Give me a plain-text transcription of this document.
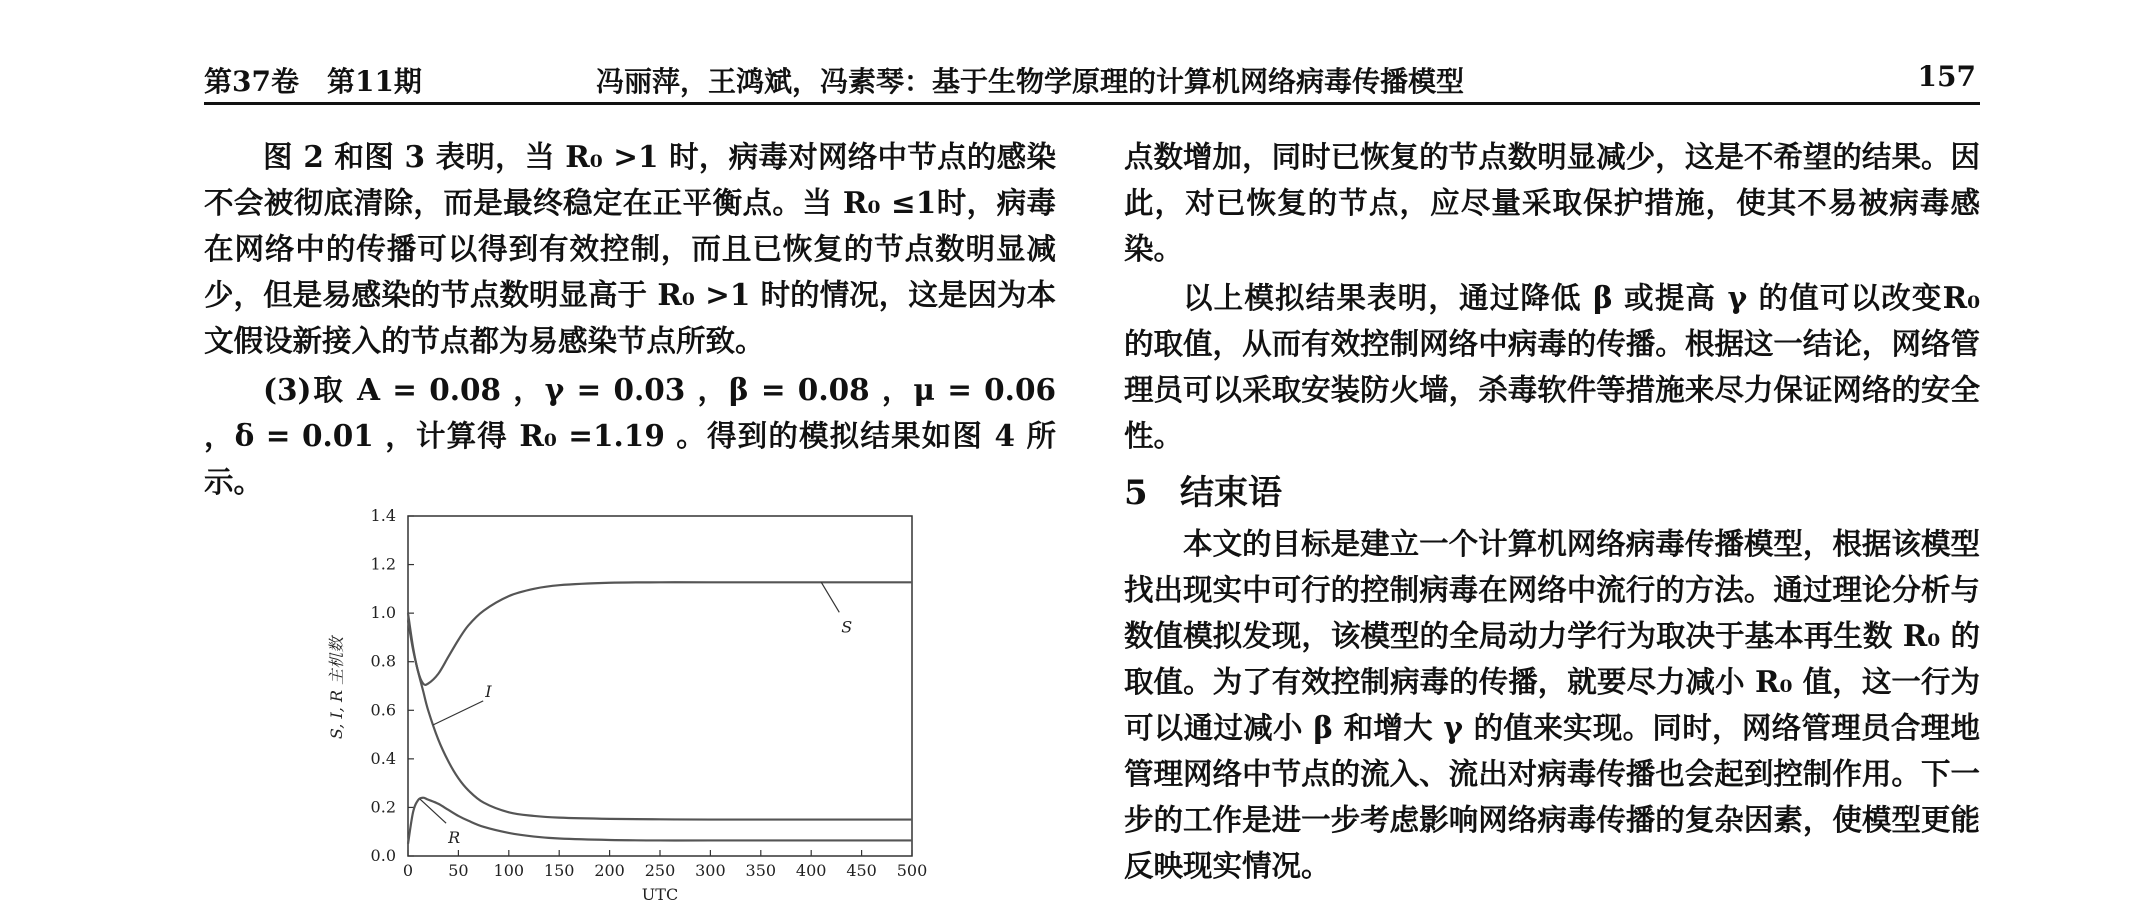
第37卷　第11期	冯丽萍，王鸿斌，冯素琴：基于生物学原理的计算机网络病毒传播模型	157

图 2 和图 3 表明，当 R₀ >1 时，病毒对网络中节点的感染不会被彻底清除，而是最终稳定在正平衡点。当 R₀ ≤1时，病毒在网络中的传播可以得到有效控制，而且已恢复的节点数明显减少，但是易感染的节点数明显高于 R₀ >1 时的情况，这是因为本文假设新接入的节点都为易感染节点所致。

(3)取 A = 0.08 ，γ = 0.03 ，β = 0.08 ，μ = 0.06 ，δ = 0.01 ，计算得 R₀ =1.19 。得到的模拟结果如图 4 所示。

0 50 100 150 200 250 300 350 400 450 500
0.0
0.2
0.4
0.6
0.8
1.0
1.2
1.4
S
I
R
S, I, R 主机数
UTC

点数增加，同时已恢复的节点数明显减少，这是不希望的结果。因此，对已恢复的节点，应尽量采取保护措施，使其不易被病毒感染。

以上模拟结果表明，通过降低 β 或提高 γ 的值可以改变R₀ 的取值，从而有效控制网络中病毒的传播。根据这一结论，网络管理员可以采取安装防火墙，杀毒软件等措施来尽力保证网络的安全性。

5 结束语

本文的目标是建立一个计算机网络病毒传播模型，根据该模型找出现实中可行的控制病毒在网络中流行的方法。通过理论分析与数值模拟发现，该模型的全局动力学行为取决于基本再生数 R₀ 的取值。为了有效控制病毒的传播，就要尽力减小 R₀ 值，这一行为可以通过减小 β 和增大 γ 的值来实现。同时，网络管理员合理地管理网络中节点的流入、流出对病毒传播也会起到控制作用。下一步的工作是进一步考虑影响网络病毒传播的复杂因素，使模型更能反映现实情况。
